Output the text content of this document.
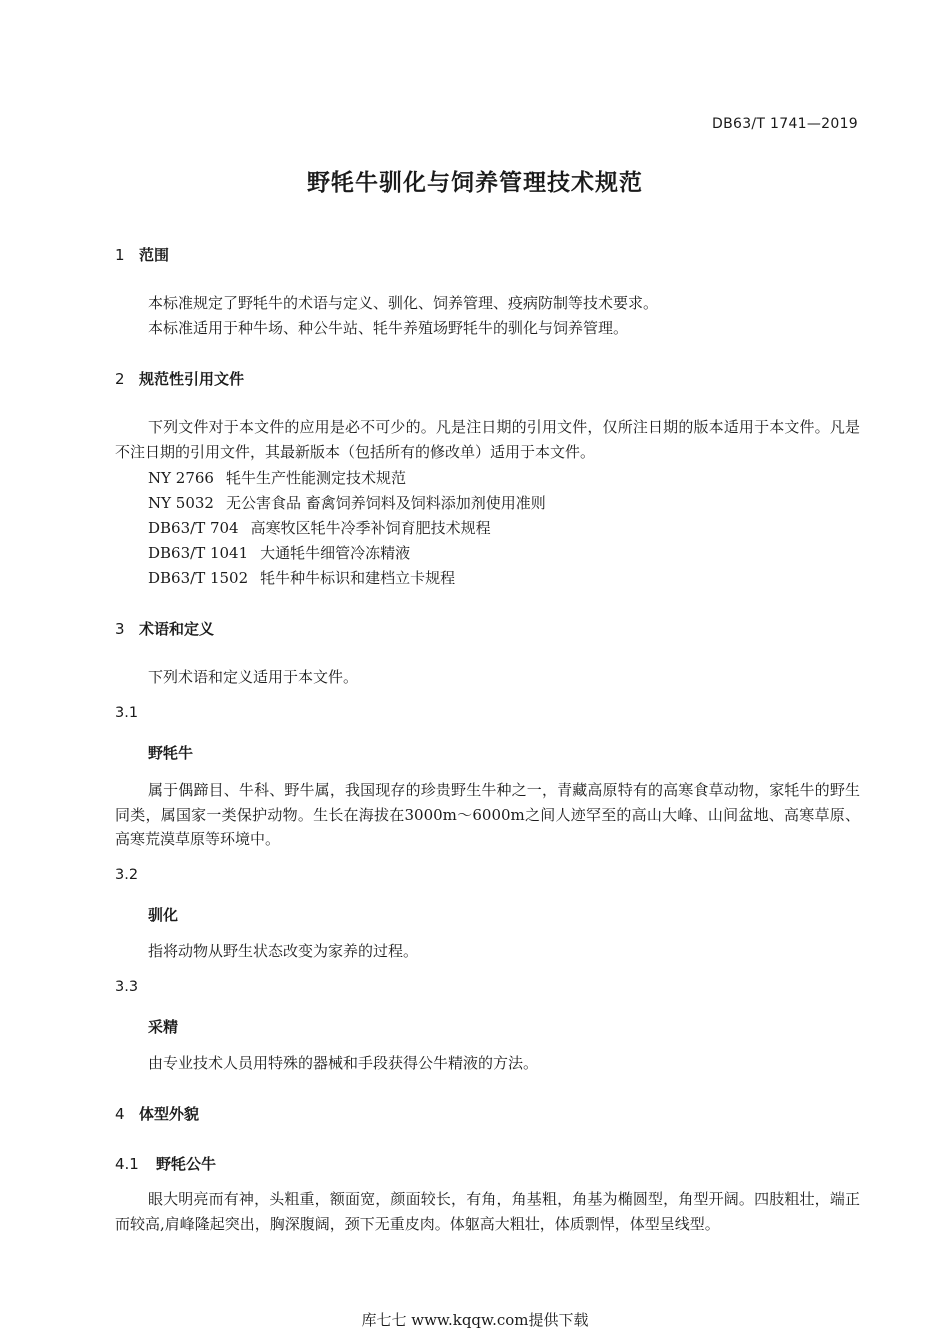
DB63/T 1741—2019
野牦牛驯化与饲养管理技术规范
1 范围

本标准规定了野牦牛的术语与定义、驯化、饲养管理、疫病防制等技术要求。

本标准适用于种牛场、种公牛站、牦牛养殖场野牦牛的驯化与饲养管理。

2 规范性引用文件

下列文件对于本文件的应用是必不可少的。凡是注日期的引用文件，仅所注日期的版本适用于本文件。凡是不注日期的引用文件，其最新版本（包括所有的修改单）适用于本文件。

NY 2766 牦牛生产性能测定技术规范
NY 5032 无公害食品 畜禽饲养饲料及饲料添加剂使用准则
DB63/T 704 高寒牧区牦牛冷季补饲育肥技术规程
DB63/T 1041 大通牦牛细管冷冻精液
DB63/T 1502 牦牛种牛标识和建档立卡规程
3 术语和定义

下列术语和定义适用于本文件。

3.1
野牦牛

属于偶蹄目、牛科、野牛属，我国现存的珍贵野生牛种之一，青藏高原特有的高寒食草动物，家牦牛的野生同类，属国家一类保护动物。生长在海拔在3000m～6000m之间人迹罕至的高山大峰、山间盆地、高寒草原、高寒荒漠草原等环境中。

3.2
驯化

指将动物从野生状态改变为家养的过程。

3.3
采精

由专业技术人员用特殊的器械和手段获得公牛精液的方法。

4 体型外貌
4.1 野牦公牛

眼大明亮而有神，头粗重，额面宽，颜面较长，有角，角基粗，角基为椭圆型，角型开阔。四肢粗壮，端正而较高,肩峰隆起突出，胸深腹阔，颈下无重皮肉。体躯高大粗壮，体质剽悍，体型呈线型。

库七七 www.kqqw.com提供下载
